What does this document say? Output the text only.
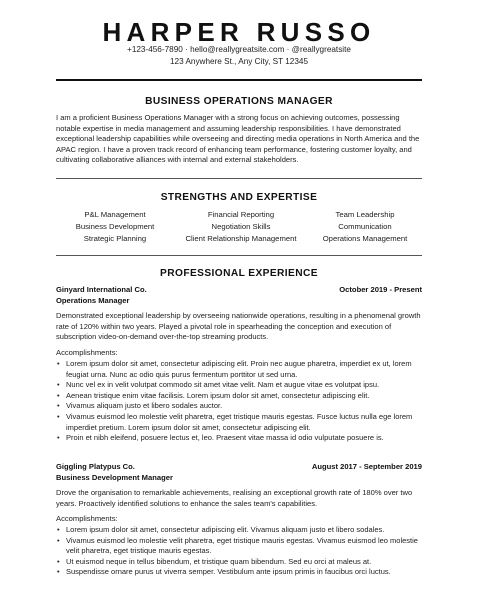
HARPER RUSSO
+123-456-7890 · hello@reallygreatsite.com · @reallygreatsite
123 Anywhere St., Any City, ST 12345
BUSINESS OPERATIONS MANAGER
I am a proficient Business Operations Manager with a strong focus on achieving outcomes, possessing notable expertise in media management and assuming leadership responsibilities. I have demonstrated exceptional leadership capabilities while overseeing and directing media operations in North America and the APAC region. I have a proven track record of enhancing team performance, fostering customer loyalty, and cultivating collaborative alliances with internal and external stakeholders.
STRENGTHS AND EXPERTISE
P&L Management	Financial Reporting	Team Leadership
Business Development	Negotiation Skills	Communication
Strategic Planning	Client Relationship Management	Operations Management
PROFESSIONAL EXPERIENCE
Ginyard International Co.	October 2019 - Present
Operations Manager
Demonstrated exceptional leadership by overseeing nationwide operations, resulting in a phenomenal growth rate of 120% within two years. Played a pivotal role in spearheading the conception and execution of subscription video-on-demand over-the-top streaming products.
Accomplishments:
• Lorem ipsum dolor sit amet, consectetur adipiscing elit. Proin nec augue pharetra, imperdiet ex ut, lorem feugiat urna. Nunc ac odio quis purus fermentum porttitor ut sed urna.
• Nunc vel ex in velit volutpat commodo sit amet vitae velit. Nam et augue vitae es volutpat ipsu.
• Aenean tristique enim vitae facilisis. Lorem ipsum dolor sit amet, consectetur adipiscing elit.
• Vivamus aliquam justo et libero sodales auctor.
• Vivamus euismod leo molestie velit pharetra, eget tristique mauris egestas. Fusce luctus nulla ege lorem imperdiet pretium. Lorem ipsum dolor sit amet, consectetur adipiscing elit.
• Proin et nibh eleifend, posuere lectus et, leo. Praesent vitae massa id odio vulputate posuere is.
Giggling Platypus Co.	August 2017 - September 2019
Business Development Manager
Drove the organisation to remarkable achievements, realising an exceptional growth rate of 180% over two years. Proactively identified solutions to enhance the sales team's capabilities.
Accomplishments:
• Lorem ipsum dolor sit amet, consectetur adipiscing elit. Vivamus aliquam justo et libero sodales.
• Vivamus euismod leo molestie velit pharetra, eget tristique mauris egestas. Vivamus euismod leo molestie velit pharetra, eget tristique mauris egestas.
• Ut euismod neque in tellus bibendum, et tristique quam bibendum. Sed eu orci at maleus at.
• Suspendisse ornare purus ut viverra semper. Vestibulum ante ipsum primis in faucibus orci luctus.
